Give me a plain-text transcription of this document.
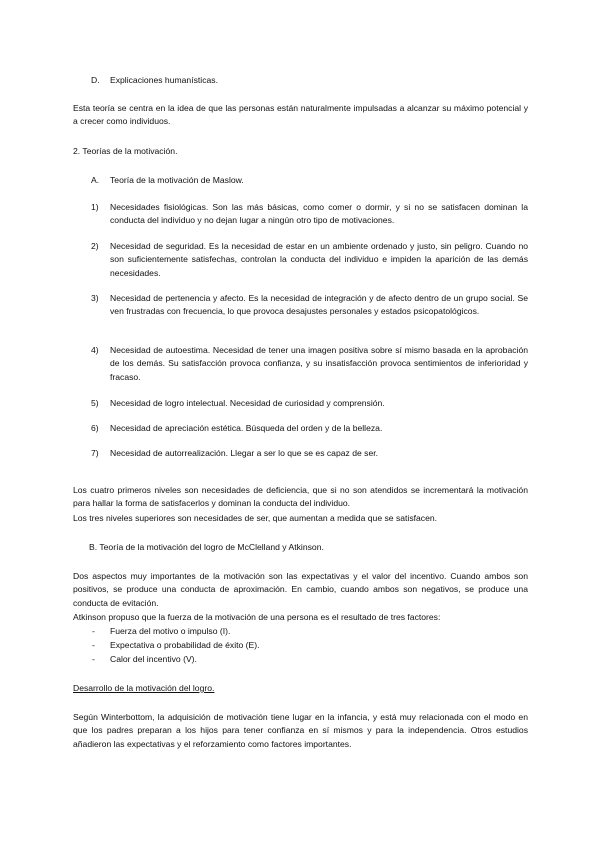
D. Explicaciones humanísticas.

Esta teoría se centra en la idea de que las personas están naturalmente impulsadas a alcanzar su máximo potencial y a crecer como individuos.

2. Teorías de la motivación.
A. Teoría de la motivación de Maslow.
1)	Necesidades fisiológicas. Son las más básicas, como comer o dormir, y si no se satisfacen dominan la conducta del individuo y no dejan lugar a ningún otro tipo de motivaciones.

2)	Necesidad de seguridad. Es la necesidad de estar en un ambiente ordenado y justo, sin peligro. Cuando no son suficientemente satisfechas, controlan la conducta del individuo e impiden la aparición de las demás necesidades.

3)	Necesidad de pertenencia y afecto. Es la necesidad de integración y de afecto dentro de un grupo social. Se ven frustradas con frecuencia, lo que provoca desajustes personales y estados psicopatológicos.

4)	Necesidad de autoestima. Necesidad de tener una imagen positiva sobre sí mismo basada en la aprobación de los demás. Su satisfacción provoca confianza, y su insatisfacción provoca sentimientos de inferioridad y fracaso.

5)	Necesidad de logro intelectual. Necesidad de curiosidad y comprensión.

6)	Necesidad de apreciación estética. Búsqueda del orden y de la belleza.

7)	Necesidad de autorrealización. Llegar a ser lo que se es capaz de ser.

Los cuatro primeros niveles son necesidades de deficiencia, que si no son atendidos se incrementará la motivación para hallar la forma de satisfacerlos y dominan la conducta del individuo.

Los tres niveles superiores son necesidades de ser, que aumentan a medida que se satisfacen.

B. Teoría de la motivación del logro de McClelland y Atkinson.

Dos aspectos muy importantes de la motivación son las expectativas y el valor del incentivo. Cuando ambos son positivos, se produce una conducta de aproximación. En cambio, cuando ambos son negativos, se produce una conducta de evitación.

Atkinson propuso que la fuerza de la motivación de una persona es el resultado de tres factores:

- Fuerza del motivo o impulso (I).
- Expectativa o probabilidad de éxito (E).
- Calor del incentivo (V).
Desarrollo de la motivación del logro.

Según Winterbottom, la adquisición de motivación tiene lugar en la infancia, y está muy relacionada con el modo en que los padres preparan a los hijos para tener confianza en sí mismos y para la independencia. Otros estudios añadieron las expectativas y el reforzamiento como factores importantes.
